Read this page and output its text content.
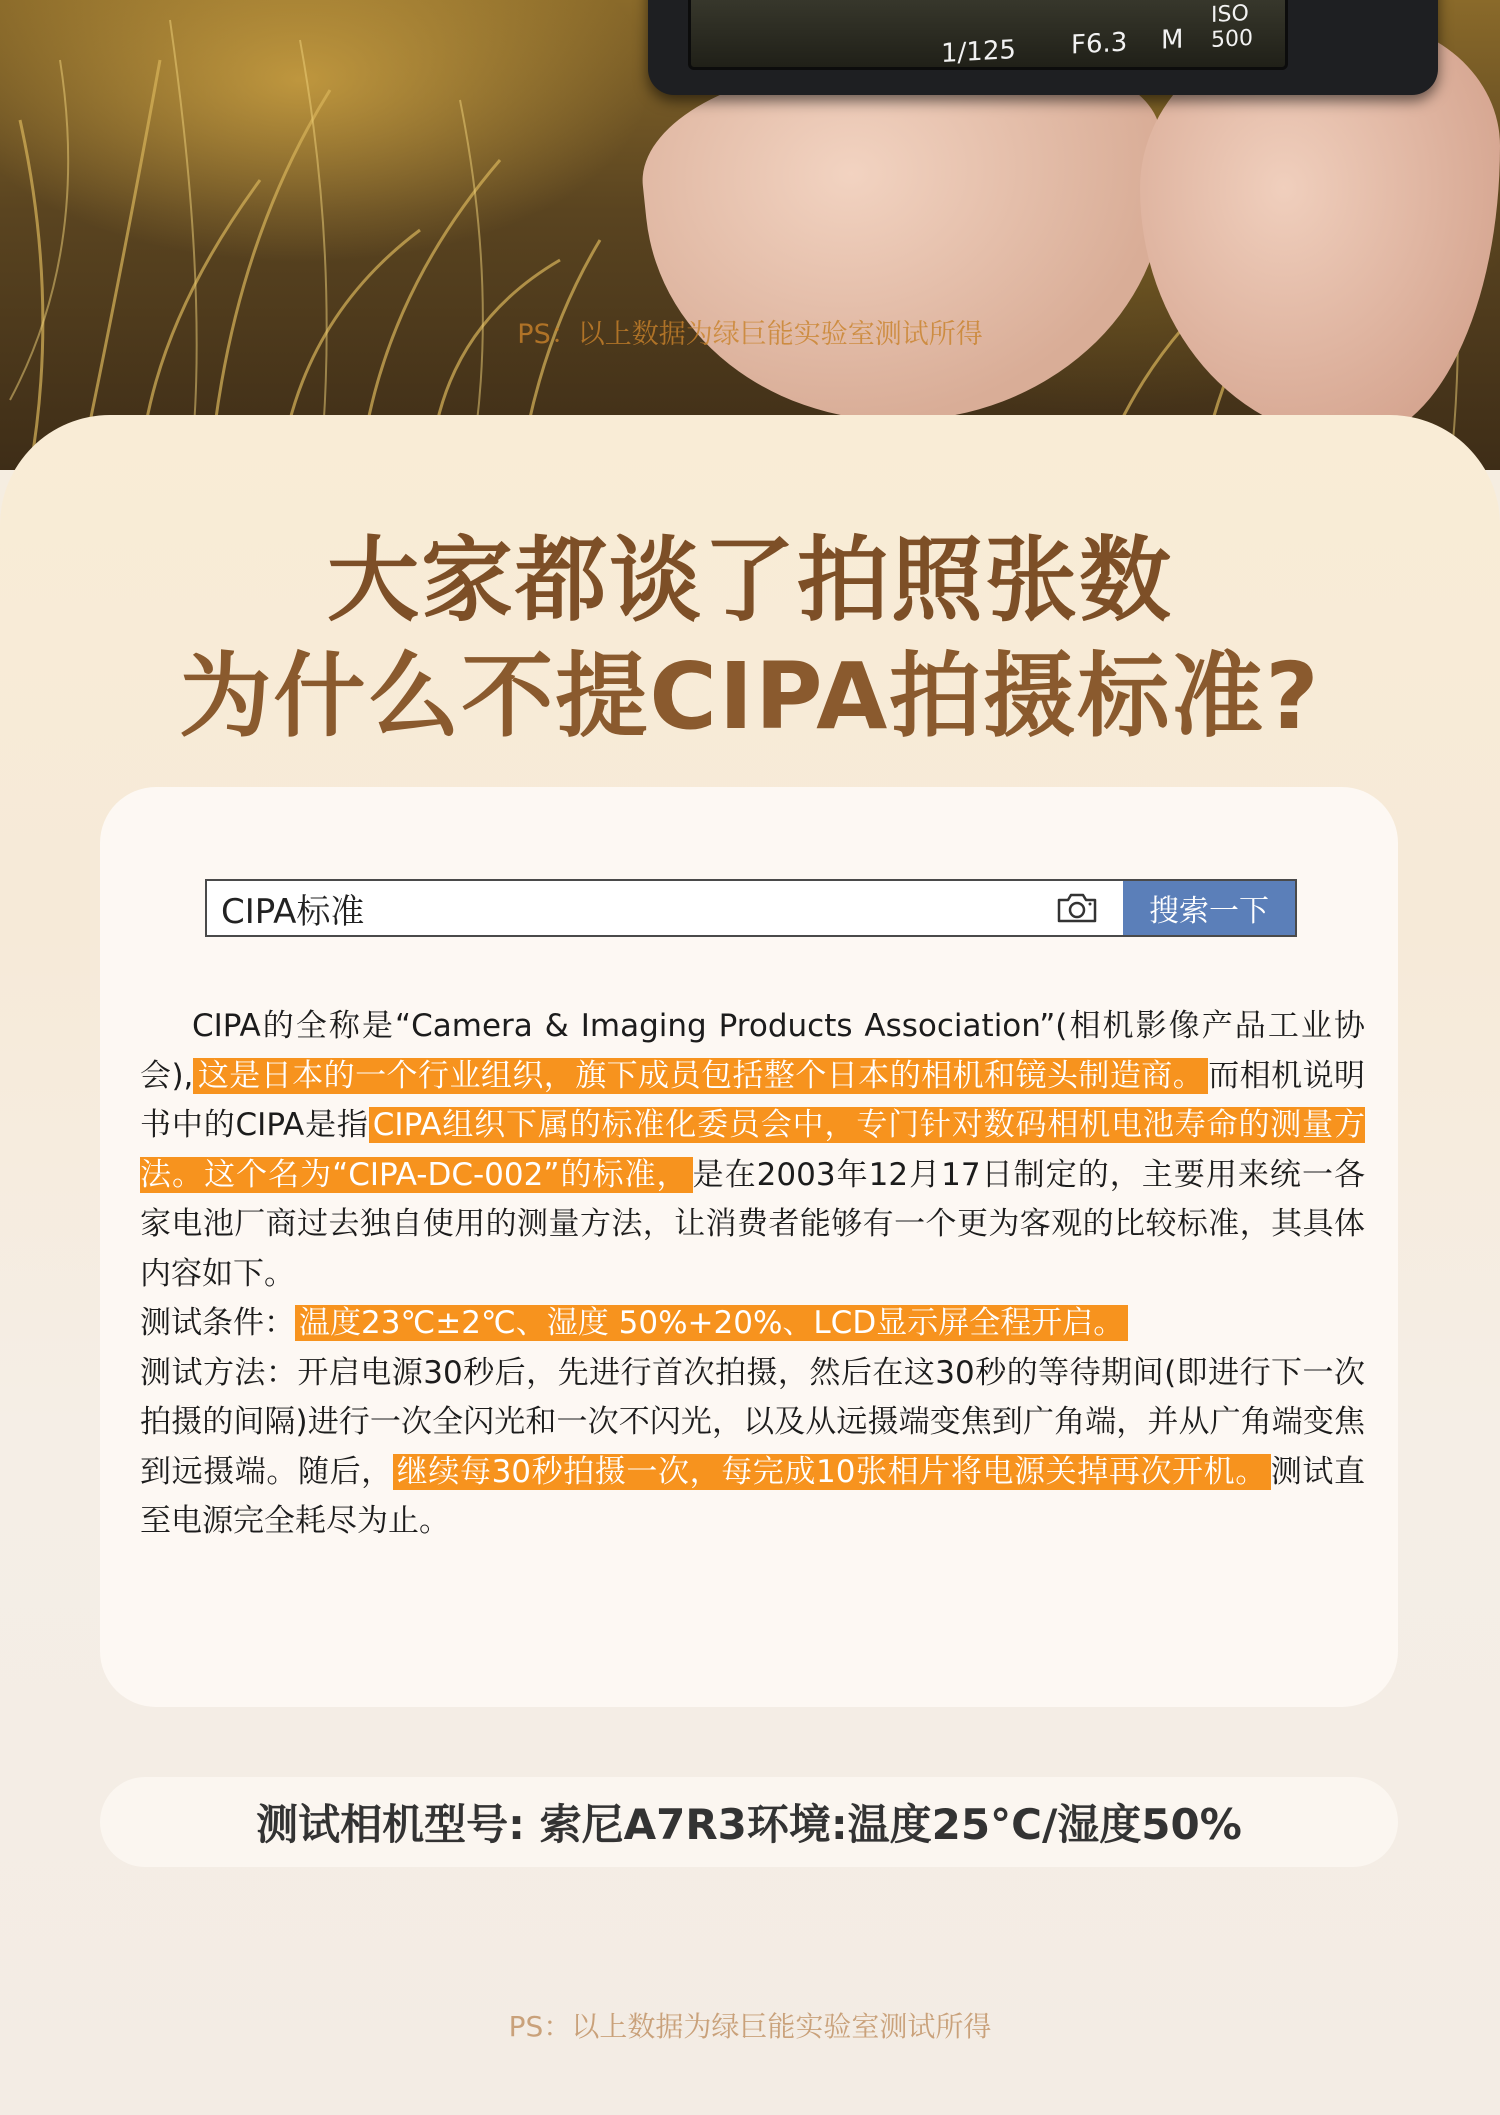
1/125 F6.3 M
ISO 500
PS：以上数据为绿巨能实验室测试所得
大家都谈了拍照张数
为什么不提CIPA拍摄标准?
CIPA标准
搜索一下
CIPA的全称是“Camera & Imaging Products Association”(相机影像产品工业协会), 这是日本的一个行业组织，旗下成员包括整个日本的相机和镜头制造商。 而相机说明书中的CIPA是指 CIPA组织下属的标准化委员会中，专门针对数码相机电池寿命的测量方法。这个名为“CIPA-DC-002”的标准， 是在2003年12月17日制定的，主要用来统一各家电池厂商过去独自使用的测量方法，让消费者能够有一个更为客观的比较标准，其具体内容如下。
测试条件： 温度23℃±2℃、湿度 50%+20%、LCD显示屏全程开启。
测试方法：开启电源30秒后，先进行首次拍摄，然后在这30秒的等待期间(即进行下一次拍摄的间隔)进行一次全闪光和一次不闪光，以及从远摄端变焦到广角端，并从广角端变焦到远摄端。随后， 继续每30秒拍摄一次，每完成10张相片将电源关掉再次开机。 测试直至电源完全耗尽为止。
测试相机型号: 索尼A7R3环境:温度25°C/湿度50%
PS：以上数据为绿巨能实验室测试所得
